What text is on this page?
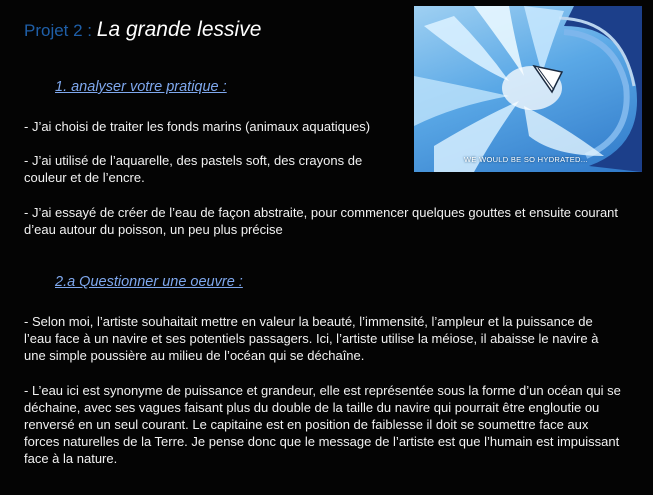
Projet 2 : La grande lessive
1. analyser votre pratique :
- J’ai choisi de traiter les fonds marins (animaux aquatiques)
- J’ai utilisé de l’aquarelle, des pastels soft, des crayons de couleur et de l’encre.
- J’ai essayé de créer de l’eau de façon abstraite, pour commencer quelques gouttes et ensuite courant d’eau autour du poisson, un peu plus précise
2.a Questionner une oeuvre :
- Selon moi, l’artiste souhaitait mettre en valeur la beauté, l’immensité, l’ampleur et la puissance de l’eau face à un navire et ses potentiels passagers. Ici, l’artiste utilise la méiose, il abaisse le navire à une simple poussière au milieu de l’océan qui se déchaîne.
- L’eau ici est synonyme de puissance et grandeur, elle est représentée sous la forme d’un océan qui se déchaine, avec ses vagues faisant plus du double de la taille du navire qui pourrait être engloutie ou renversé en un seul courant. Le capitaine est en position de faiblesse il doit se soumettre face aux forces naturelles de la Terre. Je pense donc que le message de l’artiste est que l’humain est impuissant face à la nature.
WE WOULD BE SO HYDRATED...
